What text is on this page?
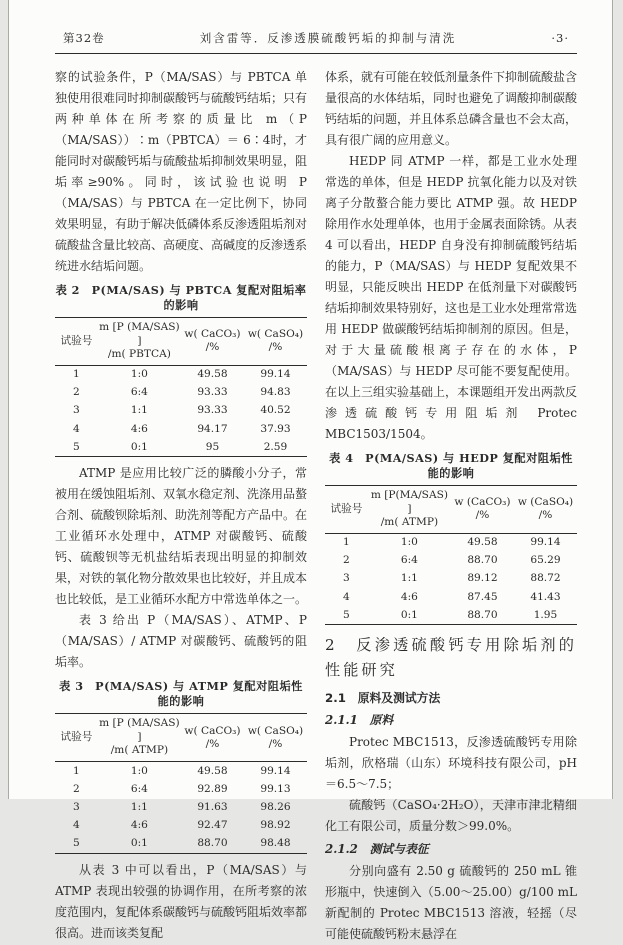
第32卷	刘含雷等．反渗透膜硫酸钙垢的抑制与清洗	·3·

察的试验条件，P（MA/SAS）与 PBTCA 单独使用很难同时抑制碳酸钙与硫酸钙结垢；只有两种单体在所考察的质量比 m（P（MA/SAS））∶m（PBTCA）＝ 6∶4时，才能同时对碳酸钙垢与硫酸盐垢抑制效果明显，阻垢率≥90%。同时，该试验也说明 P（MA/SAS）与 PBTCA 在一定比例下，协同效果明显，有助于解决低磷体系反渗透阻垢剂对硫酸盐含量比较高、高硬度、高碱度的反渗透系统进水结垢问题。

表 2　P(MA/SAS) 与 PBTCA 复配对阻垢率的影响
试验号	m [P (MA/SAS) ]
/m( PBTCA)	w( CaCO₃) /%	w( CaSO₄) /%
1	1:0	49.58	99.14
2	6:4	93.33	94.83
3	1:1	93.33	40.52
4	4:6	94.17	37.93
5	0:1	95	2.59

ATMP 是应用比较广泛的膦酸小分子，常被用在缓蚀阻垢剂、双氧水稳定剂、洗涤用品螯合剂、硫酸钡除垢剂、助洗剂等配方产品中。在工业循环水处理中，ATMP 对碳酸钙、硫酸钙、硫酸钡等无机盐结垢表现出明显的抑制效果，对铁的氧化物分散效果也比较好，并且成本也比较低，是工业循环水配方中常选单体之一。

表 3 给出 P（MA/SAS）、ATMP、P（MA/SAS）/ ATMP 对碳酸钙、硫酸钙的阻垢率。

表 3　P(MA/SAS) 与 ATMP 复配对阻垢性能的影响
试验号	m [P (MA/SAS) ]
/m( ATMP)	w( CaCO₃) /%	w( CaSO₄) /%
1	1:0	49.58	99.14
2	6:4	92.89	99.13
3	1:1	91.63	98.26
4	4:6	92.47	98.92
5	0:1	88.70	98.48

从表 3 中可以看出，P（MA/SAS）与 ATMP 表现出较强的协调作用，在所考察的浓度范围内，复配体系碳酸钙与硫酸钙阻垢效率都很高。进而该类复配

体系，就有可能在较低剂量条件下抑制硫酸盐含量很高的水体结垢，同时也避免了调酸抑制碳酸钙结垢的问题，并且体系总磷含量也不会太高，具有很广阔的应用意义。

HEDP 同 ATMP 一样，都是工业水处理常选的单体，但是 HEDP 抗氧化能力以及对铁离子分散螯合能力要比 ATMP 强。故 HEDP 除用作水处理单体，也用于金属表面除锈。从表 4 可以看出，HEDP 自身没有抑制硫酸钙结垢的能力，P（MA/SAS）与 HEDP 复配效果不明显，只能反映出 HEDP 在低剂量下对碳酸钙结垢抑制效果特别好，这也是工业水处理常常选用 HEDP 做碳酸钙结垢抑制剂的原因。但是，对于大量硫酸根离子存在的水体，P（MA/SAS）与 HEDP 尽可能不要复配使用。在以上三组实验基础上，本课题组开发出两款反渗透硫酸钙专用阻垢剂 Protec MBC1503/1504。

表 4　P(MA/SAS) 与 HEDP 复配对阻垢性能的影响
试验号	m [P(MA/SAS) ]
/m( ATMP)	w (CaCO₃) /%	w (CaSO₄) /%
1	1:0	49.58	99.14
2	6:4	88.70	65.29
3	1:1	89.12	88.72
4	4:6	87.45	41.43
5	0:1	88.70	1.95
2　反渗透硫酸钙专用除垢剂的性能研究
2.1　原料及测试方法
2.1.1　原料

Protec MBC1513，反渗透硫酸钙专用除垢剂，欣格瑞（山东）环境科技有限公司，pH＝6.5～7.5；

硫酸钙（CaSO₄·2H₂O），天津市津北精细化工有限公司，质量分数＞99.0%。

2.1.2　测试与表征

分别向盛有 2.50 g 硫酸钙的 250 mL 锥形瓶中，快速倒入（5.00～25.00）g/100 mL 新配制的 Protec MBC1513 溶液，轻摇（尽可能使硫酸钙粉末悬浮在
